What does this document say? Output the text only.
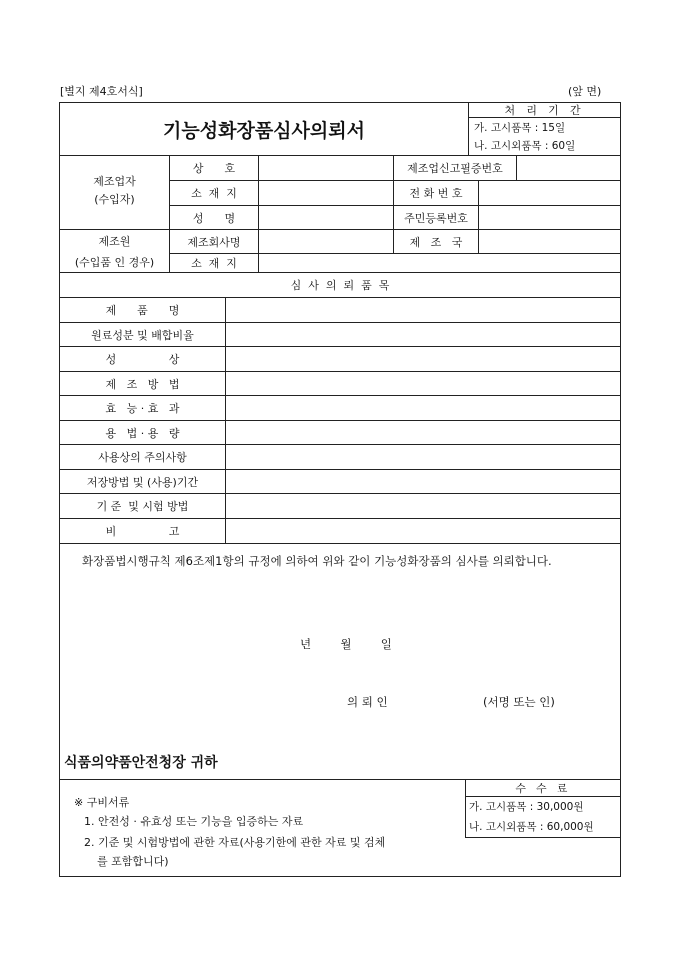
[별지 제4호서식]	(앞 면)
기능성화장품심사의뢰서
처 리 기 간
가. 고시품목 : 15일
나. 고시외품목 : 60일
제조업자
(수입자)
상      호
소  재  지
성      명
제조업신고필증번호
전 화 번 호
주민등록번호
제조원
(수입품 인 경우)
제조회사명
소  재  지
제   조   국
심  사  의  뢰  품  목
제      품      명
원료성분 및 배합비율
성               상
제   조   방   법
효   능 · 효   과
용   법 · 용   량
사용상의 주의사항
저장방법 및 (사용)기간
기 준  및 시험 방법
비               고
화장품법시행규칙 제6조제1항의 규정에 의하여 위와 같이 기능성화장품의 심사를 의뢰합니다.
년        월        일
의 뢰 인	(서명 또는 인)
식품의약품안전청장 귀하
※ 구비서류
1. 안전성 · 유효성 또는 기능을 입증하는 자료
2. 기준 및 시험방법에 관한 자료(사용기한에 관한 자료 및 검체
를 포함합니다)
수 수 료
가. 고시품목 : 30,000원
나. 고시외품목 : 60,000원
